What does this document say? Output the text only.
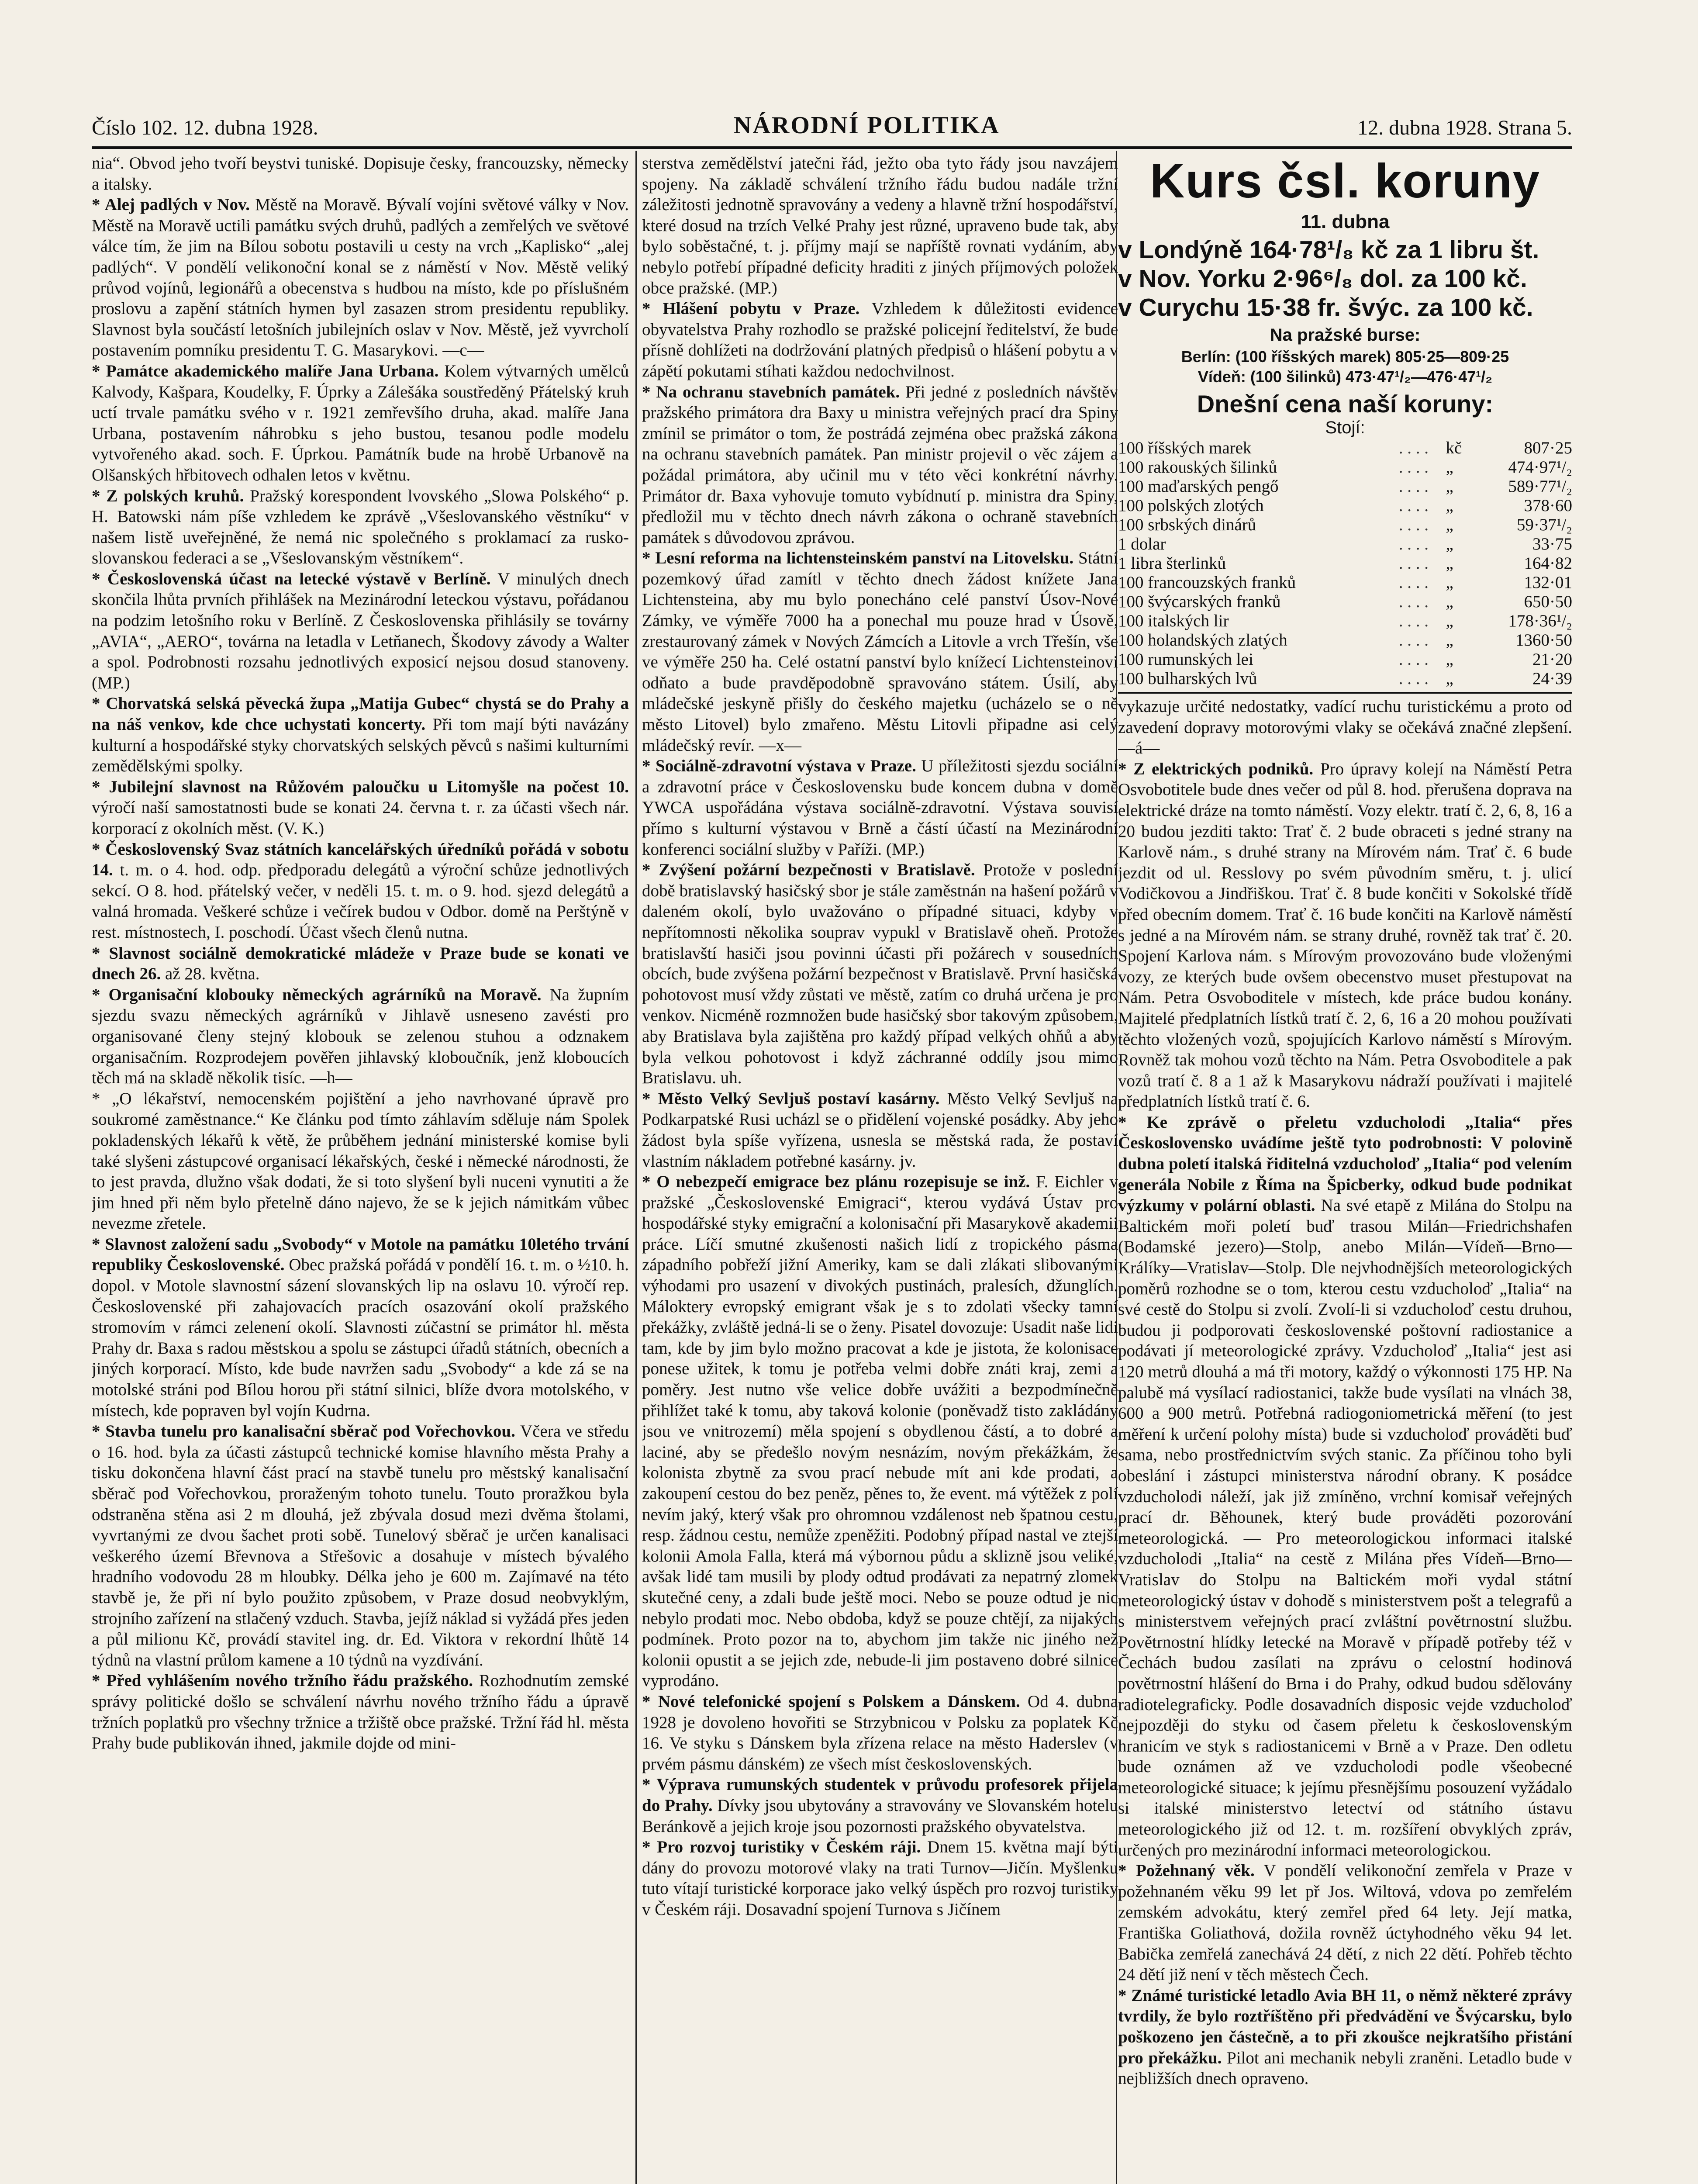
Číslo 102. 12. dubna 1928.	NÁRODNÍ POLITIKA	12. dubna 1928. Strana 5.

nia“. Obvod jeho tvoří beystvi tuniské. Dopisuje česky, francouzsky, německy a italsky.

* Alej padlých v Nov. Městě na Moravě. Bývalí vojíni světové války v Nov. Městě na Moravě uctili památku svých druhů, padlých a zemřelých ve světové válce tím, že jim na Bílou sobotu postavili u cesty na vrch „Kaplisko“ „alej padlých“. V pondělí velikonoční konal se z náměstí v Nov. Městě veliký průvod vojínů, legionářů a obecenstva s hudbou na místo, kde po příslušném proslovu a zapění státních hymen byl zasazen strom presidentu republiky. Slavnost byla součástí letošních jubilejních oslav v Nov. Městě, jež vyvrcholí postavením pomníku presidentu T. G. Masarykovi. —c—

* Památce akademického malíře Jana Urbana. Kolem výtvarných umělců Kalvody, Kašpara, Koudelky, F. Úprky a Zálešáka soustředěný Přátelský kruh uctí trvale památku svého v r. 1921 zemřevšího druha, akad. malíře Jana Urbana, postavením náhrobku s jeho bustou, tesanou podle modelu vytvořeného akad. soch. F. Úprkou. Památník bude na hrobě Urbanově na Olšanských hřbitovech odhalen letos v květnu.

* Z polských kruhů. Pražský korespondent lvovského „Slowa Polského“ p. H. Batowski nám píše vzhledem ke zprávě „Všeslovanského věstníku“ v našem listě uveřejněné, že nemá nic společného s proklamací za rusko-slovanskou federaci a se „Všeslovanským věstníkem“.

* Československá účast na letecké výstavě v Berlíně. V minulých dnech skončila lhůta prvních přihlášek na Mezinárodní leteckou výstavu, pořádanou na podzim letošního roku v Berlíně. Z Československa přihlásily se továrny „AVIA“, „AERO“, továrna na letadla v Letňanech, Škodovy závody a Walter a spol. Podrobnosti rozsahu jednotlivých exposicí nejsou dosud stanoveny. (MP.)

* Chorvatská selská pěvecká župa „Matija Gubec“ chystá se do Prahy a na náš venkov, kde chce uchystati koncerty. Při tom mají býti navázány kulturní a hospodářské styky chorvatských selských pěvců s našimi kulturními zemědělskými spolky.

* Jubilejní slavnost na Růžovém paloučku u Litomyšle na počest 10. výročí naší samostatnosti bude se konati 24. června t. r. za účasti všech nár. korporací z okolních měst. (V. K.)

* Československý Svaz státních kancelářských úředníků pořádá v sobotu 14. t. m. o 4. hod. odp. předporadu delegátů a výroční schůze jednotlivých sekcí. O 8. hod. přátelský večer, v neděli 15. t. m. o 9. hod. sjezd delegátů a valná hromada. Veškeré schůze i večírek budou v Odbor. domě na Perštýně v rest. místnostech, I. poschodí. Účast všech členů nutna.

* Slavnost sociálně demokratické mládeže v Praze bude se konati ve dnech 26. až 28. května.

* Organisační klobouky německých agrárníků na Moravě. Na župním sjezdu svazu německých agrárníků v Jihlavě usneseno zavésti pro organisované členy stejný klobouk se zelenou stuhou a odznakem organisačním. Rozprodejem pověřen jihlavský kloboučník, jenž kloboucích těch má na skladě několik tisíc. —h—

* „O lékařství, nemocenském pojištění a jeho navrhované úpravě pro soukromé zaměstnance.“ Ke článku pod tímto záhlavím sděluje nám Spolek pokladenských lékařů k větě, že průběhem jednání ministerské komise byli také slyšeni zástupcové organisací lékařských, české i německé národnosti, že to jest pravda, dlužno však dodati, že si toto slyšení byli nuceni vynutiti a že jim hned při něm bylo přetelně dáno najevo, že se k jejich námitkám vůbec nevezme zřetele.

* Slavnost založení sadu „Svobody“ v Motole na památku 10letého trvání republiky Československé. Obec pražská pořádá v pondělí 16. t. m. o ½10. h. dopol. v Motole slavnostní sázení slovanských lip na oslavu 10. výročí rep. Československé při zahajovacích pracích osazování okolí pražského stromovím v rámci zelenení okolí. Slavnosti zúčastní se primátor hl. města Prahy dr. Baxa s radou městskou a spolu se zástupci úřadů státních, obecních a jiných korporací. Místo, kde bude navržen sadu „Svobody“ a kde zá se na motolské stráni pod Bílou horou při státní silnici, blíže dvora motolského, v místech, kde popraven byl vojín Kudrna.

* Stavba tunelu pro kanalisační sběrač pod Vořechovkou. Včera ve středu o 16. hod. byla za účasti zástupců technické komise hlavního města Prahy a tisku dokončena hlavní část prací na stavbě tunelu pro městský kanalisační sběrač pod Vořechovkou, proraženým tohoto tunelu. Touto proražkou byla odstraněna stěna asi 2 m dlouhá, jež zbývala dosud mezi dvěma štolami, vyvrtanými ze dvou šachet proti sobě. Tunelový sběrač je určen kanalisaci veškerého území Břevnova a Střešovic a dosahuje v místech bývalého hradního vodovodu 28 m hloubky. Délka jeho je 600 m. Zajímavé na této stavbě je, že při ní bylo použito způsobem, v Praze dosud neobvyklým, strojního zařízení na stlačený vzduch. Stavba, jejíž náklad si vyžádá přes jeden a půl milionu Kč, provádí stavitel ing. dr. Ed. Viktora v rekordní lhůtě 14 týdnů na vlastní průlom kamene a 10 týdnů na vyzdívání.

* Před vyhlášením nového tržního řádu pražského. Rozhodnutím zemské správy politické došlo se schválení návrhu nového tržního řádu a úpravě tržních poplatků pro všechny tržnice a tržiště obce pražské. Tržní řád hl. města Prahy bude publikován ihned, jakmile dojde od mini-

sterstva zemědělství jatečni řád, ježto oba tyto řády jsou navzájem spojeny. Na základě schválení tržního řádu budou nadále tržní záležitosti jednotně spravovány a vedeny a hlavně tržní hospodářství, které dosud na trzích Velké Prahy jest různé, upraveno bude tak, aby bylo soběstačné, t. j. příjmy mají se napříště rovnati vydáním, aby nebylo potřebí případné deficity hraditi z jiných příjmových položek obce pražské. (MP.)

* Hlášení pobytu v Praze. Vzhledem k důležitosti evidence obyvatelstva Prahy rozhodlo se pražské policejní ředitelství, že bude přísně dohlížeti na dodržování platných předpisů o hlášení pobytu a v zápětí pokutami stíhati každou nedochvilnost.

* Na ochranu stavebních památek. Při jedné z posledních návštěv pražského primátora dra Baxy u ministra veřejných prací dra Spiny zmínil se primátor o tom, že postrádá zejména obec pražská zákona na ochranu stavebních památek. Pan ministr projevil o věc zájem a požádal primátora, aby učinil mu v této věci konkrétní návrhy. Primátor dr. Baxa vyhovuje tomuto vybídnutí p. ministra dra Spiny, předložil mu v těchto dnech návrh zákona o ochraně stavebních památek s důvodovou zprávou.

* Lesní reforma na lichtensteinském panství na Litovelsku. Státní pozemkový úřad zamítl v těchto dnech žádost knížete Jana Lichtensteina, aby mu bylo ponecháno celé panství Úsov-Nové Zámky, ve výměře 7000 ha a ponechal mu pouze hrad v Úsově, zrestaurovaný zámek v Nových Zámcích a Litovle a vrch Třešín, vše ve výměře 250 ha. Celé ostatní panství bylo knížecí Lichtensteinovi odňato a bude pravděpodobně spravováno státem. Úsilí, aby mládečské jeskyně přišly do českého majetku (ucházelo se o ně město Litovel) bylo zmařeno. Městu Litovli připadne asi celý mládečský revír. —x—

* Sociálně-zdravotní výstava v Praze. U příležitosti sjezdu sociální a zdravotní práce v Československu bude koncem dubna v domě YWCA uspořádána výstava sociálně-zdravotní. Výstava souvisí přímo s kulturní výstavou v Brně a částí účastí na Mezinárodní konferenci sociální služby v Paříži. (MP.)

* Zvýšení požární bezpečnosti v Bratislavě. Protože v poslední době bratislavský hasičský sbor je stále zaměstnán na hašení požárů v daleném okolí, bylo uvažováno o případné situaci, kdyby v nepřítomnosti několika souprav vypukl v Bratislavě oheň. Protože bratislavští hasiči jsou povinni účasti při požárech v sousedních obcích, bude zvýšena požární bezpečnost v Bratislavě. První hasičská pohotovost musí vždy zůstati ve městě, zatím co druhá určena je pro venkov. Nicméně rozmnožen bude hasičský sbor takovým způsobem, aby Bratislava byla zajištěna pro každý případ velkých ohňů a aby byla velkou pohotovost i když záchranné oddíly jsou mimo Bratislavu. uh.

* Město Velký Sevljuš postaví kasárny. Město Velký Sevljuš na Podkarpatské Rusi ucházl se o přidělení vojenské posádky. Aby jeho žádost byla spíše vyřízena, usnesla se městská rada, že postaví vlastním nákladem potřebné kasárny. jv.

* O nebezpečí emigrace bez plánu rozepisuje se inž. F. Eichler v pražské „Československé Emigraci“, kterou vydává Ústav pro hospodářské styky emigrační a kolonisační při Masarykově akademii práce. Líčí smutné zkušenosti našich lidí z tropického pásma západního pobřeží jižní Ameriky, kam se dali zlákati slibovanými výhodami pro usazení v divokých pustinách, pralesích, džunglích. Máloktery evropský emigrant však je s to zdolati všecky tamní překážky, zvláště jedná-li se o ženy. Pisatel dovozuje: Usadit naše lidi tam, kde by jim bylo možno pracovat a kde je jistota, že kolonisace ponese užitek, k tomu je potřeba velmi dobře znáti kraj, zemi a poměry. Jest nutno vše velice dobře uvážiti a bezpodmínečně přihlížet také k tomu, aby taková kolonie (poněvadž tisto zakládány jsou ve vnitrozemí) měla spojení s obydlenou částí, a to dobré a laciné, aby se předešlo novým nesnázím, novým překážkám, že kolonista zbytně za svou prací nebude mít ani kde prodati, a zakoupení cestou do bez peněz, pěnes to, že event. má výtěžek z polí nevím jaký, který však pro ohromnou vzdálenost neb špatnou cestu, resp. žádnou cestu, nemůže zpeněžiti. Podobný případ nastal ve ztejší kolonii Amola Falla, která má výbornou půdu a sklizně jsou veliké, avšak lidé tam musili by plody odtud prodávati za nepatrný zlomek skutečné ceny, a zdali bude ještě moci. Nebo se pouze odtud je nic nebylo prodati moc. Nebo obdoba, když se pouze chtějí, za nijakých podmínek. Proto pozor na to, abychom jim takže nic jiného než kolonii opustit a se jejich zde, nebude-li jim postaveno dobré silnice vyprodáno.

* Nové telefonické spojení s Polskem a Dánskem. Od 4. dubna 1928 je dovoleno hovořiti se Strzybnicou v Polsku za poplatek Kč 16. Ve styku s Dánskem byla zřízena relace na město Haderslev (v prvém pásmu dánském) ze všech míst československých.

* Výprava rumunských studentek v průvodu profesorek přijela do Prahy. Dívky jsou ubytovány a stravovány ve Slovanském hotelu Beránkově a jejich kroje jsou pozornosti pražského obyvatelstva.

* Pro rozvoj turistiky v Českém ráji. Dnem 15. května mají býti dány do provozu motorové vlaky na trati Turnov—Jičín. Myšlenku tuto vítají turistické korporace jako velký úspěch pro rozvoj turistiky v Českém ráji. Dosavadní spojení Turnova s Jičínem

Kurs čsl. koruny
11. dubna
v Londýně 164·78¹/₈ kč za 1 libru št.
v Nov. Yorku 2·96⁶/₈ dol. za 100 kč.
v Curychu 15·38 fr. švýc. za 100 kč.
Na pražské burse:
Berlín: (100 říšských marek) 805·25—809·25
Vídeň: (100 šilinků) 473·47¹/₂—476·47¹/₂
Dnešní cena naší koruny:
Stojí:
100 říšských marek	. . . .	kč	807·25
100 rakouských šilinků	. . . .	„	474·97¹/₂
100 maďarských pengő	. . . .	„	589·77¹/₂
100 polských zlotých	. . . .	„	378·60
100 srbských dinárů	. . . .	„	59·37¹/₂
1 dolar	. . . .	„	33·75
1 libra šterlinků	. . . .	„	164·82
100 francouzských franků	. . . .	„	132·01
100 švýcarských franků	. . . .	„	650·50
100 italských lir	. . . .	„	178·36¹/₂
100 holandských zlatých	. . . .	„	1360·50
100 rumunských lei	. . . .	„	21·20
100 bulharských lvů	. . . .	„	24·39

vykazuje určité nedostatky, vadící ruchu turistickému a proto od zavedení dopravy motorovými vlaky se očekává značné zlepšení. —á—

* Z elektrických podniků. Pro úpravy kolejí na Náměstí Petra Osvobotitele bude dnes večer od půl 8. hod. přerušena doprava na elektrické dráze na tomto náměstí. Vozy elektr. tratí č. 2, 6, 8, 16 a 20 budou jezditi takto: Trať č. 2 bude obraceti s jedné strany na Karlově nám., s druhé strany na Mírovém nám. Trať č. 6 bude jezdit od ul. Resslovy po svém původním směru, t. j. ulicí Vodičkovou a Jindřiškou. Trať č. 8 bude končiti v Sokolské třídě před obecním domem. Trať č. 16 bude končiti na Karlově náměstí s jedné a na Mírovém nám. se strany druhé, rovněž tak trať č. 20. Spojení Karlova nám. s Mírovým provozováno bude vloženými vozy, ze kterých bude ovšem obecenstvo muset přestupovat na Nám. Petra Osvoboditele v místech, kde práce budou konány. Majitelé předplatních lístků tratí č. 2, 6, 16 a 20 mohou používati těchto vložených vozů, spojujících Karlovo náměstí s Mírovým. Rovněž tak mohou vozů těchto na Nám. Petra Osvoboditele a pak vozů tratí č. 8 a 1 až k Masarykovu nádraží používati i majitelé předplatních lístků tratí č. 6.

* Ke zprávě o přeletu vzducholodi „Italia“ přes Československo uvádíme ještě tyto podrobnosti: V polovině dubna poletí italská řiditelná vzducholoď „Italia“ pod velením generála Nobile z Říma na Špicberky, odkud bude podnikat výzkumy v polární oblasti. Na své etapě z Milána do Stolpu na Baltickém moři poletí buď trasou Milán—Friedrichshafen (Bodamské jezero)—Stolp, anebo Milán—Vídeň—Brno—Králíky—Vratislav—Stolp. Dle nejvhodnějších meteorologických poměrů rozhodne se o tom, kterou cestu vzducholoď „Italia“ na své cestě do Stolpu si zvolí. Zvolí-li si vzducholoď cestu druhou, budou ji podporovati československé poštovní radiostanice a podávati jí meteorologické zprávy. Vzducholoď „Italia“ jest asi 120 metrů dlouhá a má tři motory, každý o výkonnosti 175 HP. Na palubě má vysílací radiostanici, takže bude vysílati na vlnách 38, 600 a 900 metrů. Potřebná radiogoniometrická měření (to jest měření k určení polohy místa) bude si vzducholoď prováděti buď sama, nebo prostřednictvím svých stanic. Za příčinou toho byli obeslání i zástupci ministerstva národní obrany. K posádce vzducholodi náleží, jak již zmíněno, vrchní komisař veřejných prací dr. Běhounek, který bude prováděti pozorování meteorologická. — Pro meteorologickou informaci italské vzducholodi „Italia“ na cestě z Milána přes Vídeň—Brno—Vratislav do Stolpu na Baltickém moři vydal státní meteorologický ústav v dohodě s ministerstvem pošt a telegrafů a s ministerstvem veřejných prací zvláštní povětrnostní službu. Povětrnostní hlídky letecké na Moravě v případě potřeby též v Čechách budou zasílati na zprávu o celostní hodinová povětrnostní hlášení do Brna i do Prahy, odkud budou sdělovány radiotelegraficky. Podle dosavadních disposic vejde vzducholoď nejpozději do styku od časem přeletu k československým hranicím ve styk s radiostanicemi v Brně a v Praze. Den odletu bude oznámen až ve vzducholodi podle všeobecné meteorologické situace; k jejímu přesnějšímu posouzení vyžádalo si italské ministerstvo letectví od státního ústavu meteorologického již od 12. t. m. rozšíření obvyklých zpráv, určených pro mezinárodní informaci meteorologickou.

* Požehnaný věk. V pondělí velikonoční zemřela v Praze v požehnaném věku 99 let př Jos. Wiltová, vdova po zemřelém zemském advokátu, který zemřel před 64 lety. Její matka, Františka Goliathová, dožila rovněž úctyhodného věku 94 let. Babička zemřelá zanechává 24 dětí, z nich 22 dětí. Pohřeb těchto 24 dětí již není v těch městech Čech.

* Známé turistické letadlo Avia BH 11, o němž některé zprávy tvrdily, že bylo roztříštěno při předvádění ve Švýcarsku, bylo poškozeno jen částečně, a to při zkoušce nejkratšího přistání pro překážku. Pilot ani mechanik nebyli zraněni. Letadlo bude v nejbližších dnech opraveno.
